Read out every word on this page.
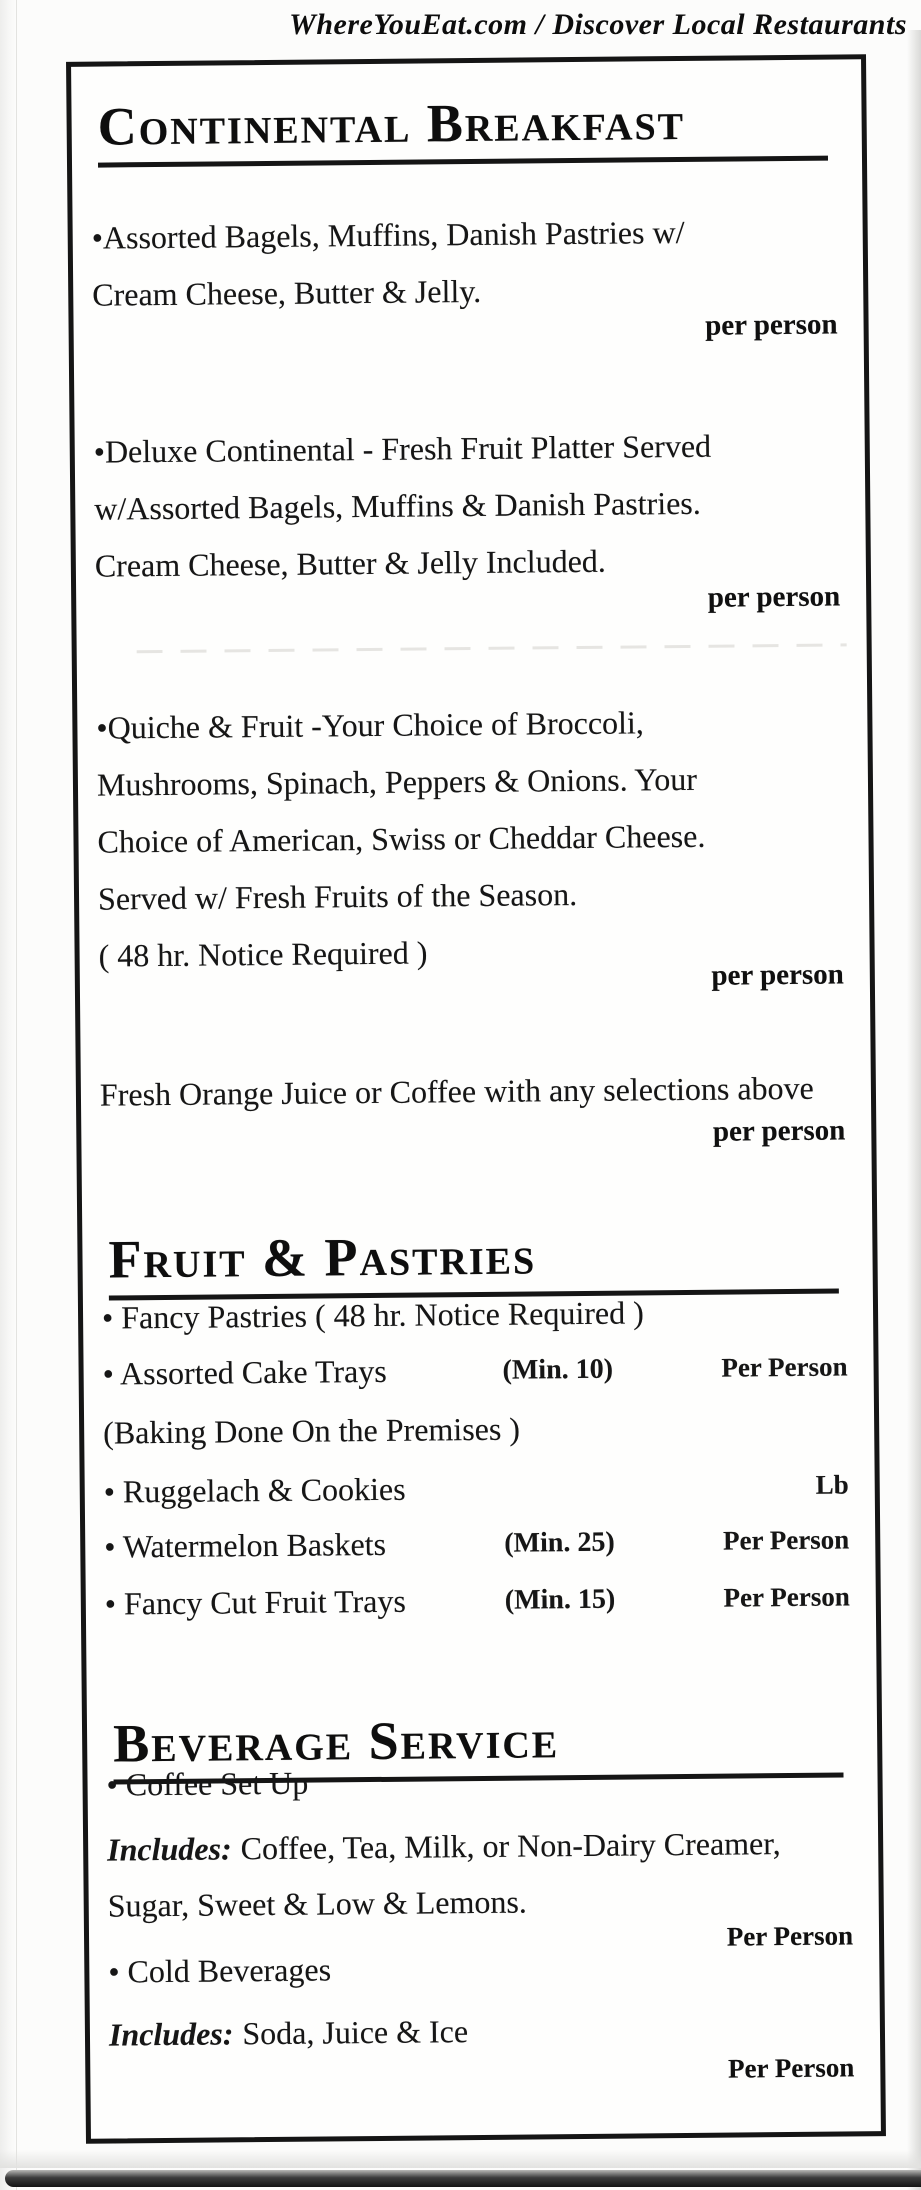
WhereYouEat.com / Discover Local Restaurants
Continental Breakfast
•Assorted Bagels, Muffins, Danish Pastries w/
Cream Cheese, Butter & Jelly.
per person
•Deluxe Continental - Fresh Fruit Platter Served
w/Assorted Bagels, Muffins & Danish Pastries.
Cream Cheese, Butter & Jelly Included.
per person
•Quiche & Fruit -Your Choice of Broccoli,
Mushrooms, Spinach, Peppers & Onions. Your
Choice of American, Swiss or Cheddar Cheese.
Served w/ Fresh Fruits of the Season.
( 48 hr. Notice Required )
per person
Fresh Orange Juice or Coffee with any selections above
per person
Fruit & Pastries
• Fancy Pastries ( 48 hr. Notice Required )
• Assorted Cake Trays	(Min. 10)	Per Person
(Baking Done On the Premises )
• Ruggelach & Cookies	Lb
• Watermelon Baskets	(Min. 25)	Per Person
• Fancy Cut Fruit Trays	(Min. 15)	Per Person
Beverage Service
• Coffee Set Up
Includes: Coffee, Tea, Milk, or Non-Dairy Creamer, Sugar, Sweet & Low & Lemons.
Per Person
• Cold Beverages
Includes: Soda, Juice & Ice
Per Person
